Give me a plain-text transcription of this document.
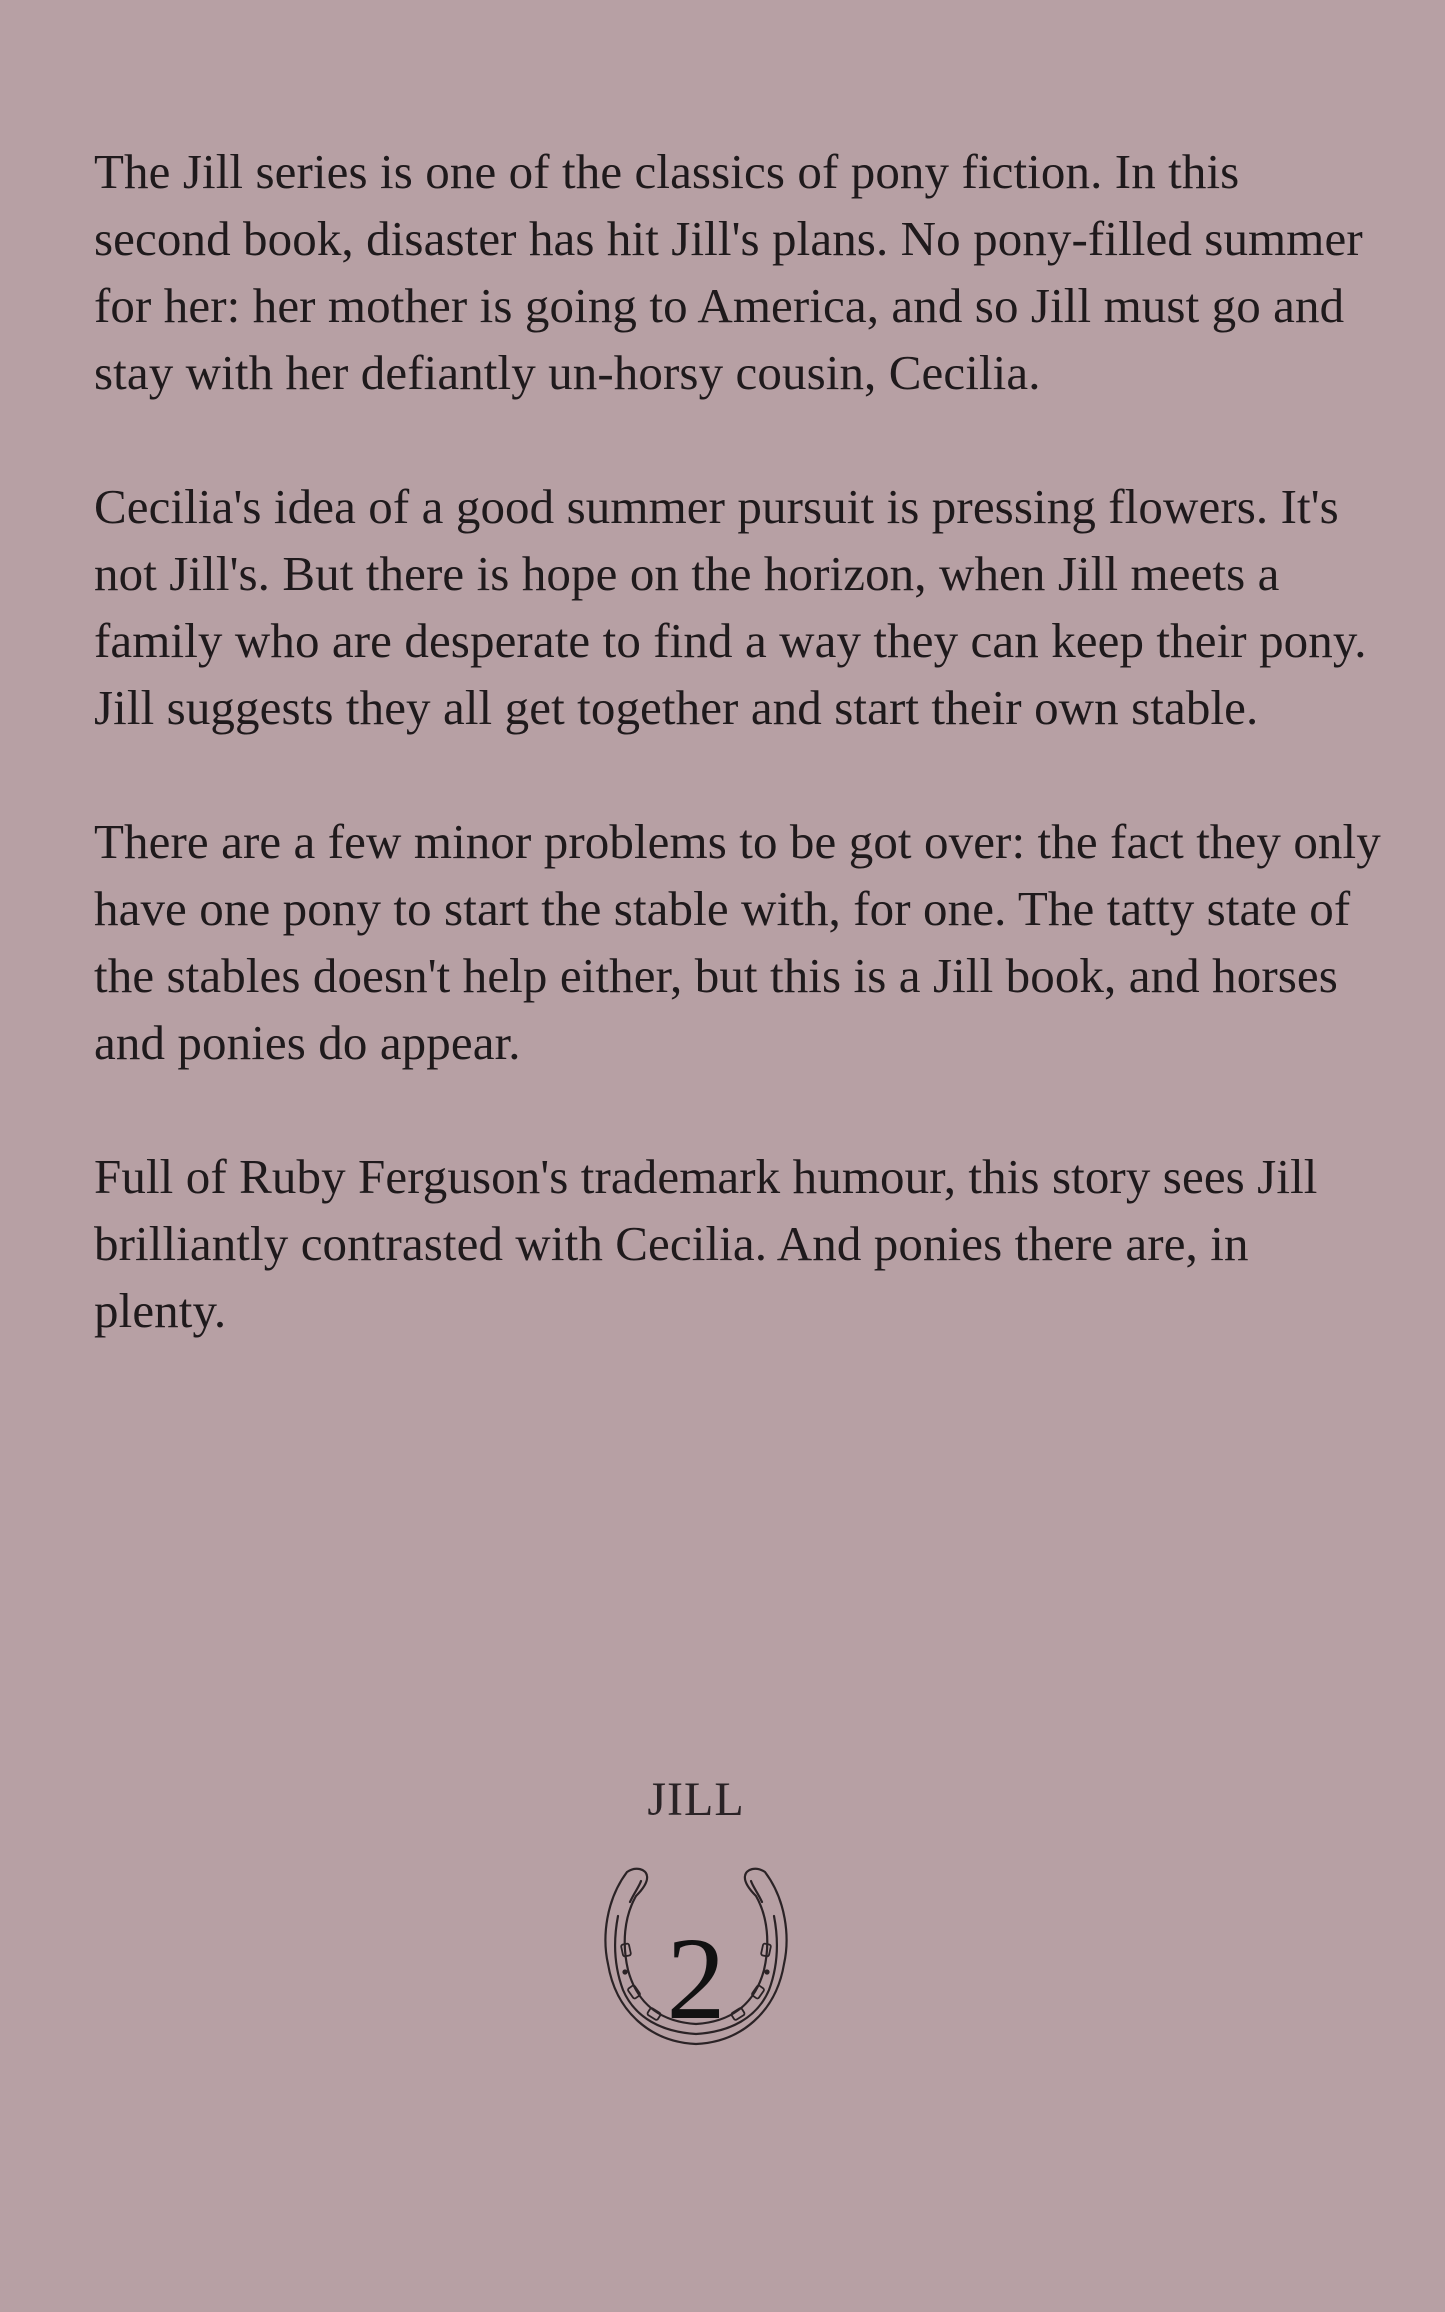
The Jill series is one of the classics of pony fiction. In this second book, disaster has hit Jill's plans. No pony-filled summer for her: her mother is going to America, and so Jill must go and stay with her defiantly un-horsy cousin, Cecilia.

Cecilia's idea of a good summer pursuit is pressing flowers. It's not Jill's. But there is hope on the horizon, when Jill meets a family who are desperate to find a way they can keep their pony. Jill suggests they all get together and start their own stable.

There are a few minor problems to be got over: the fact they only have one pony to start the stable with, for one. The tatty state of the stables doesn't help either, but this is a Jill book, and horses and ponies do appear.

Full of Ruby Ferguson's trademark humour, this story sees Jill brilliantly contrasted with Cecilia. And ponies there are, in plenty.

JILL
2
